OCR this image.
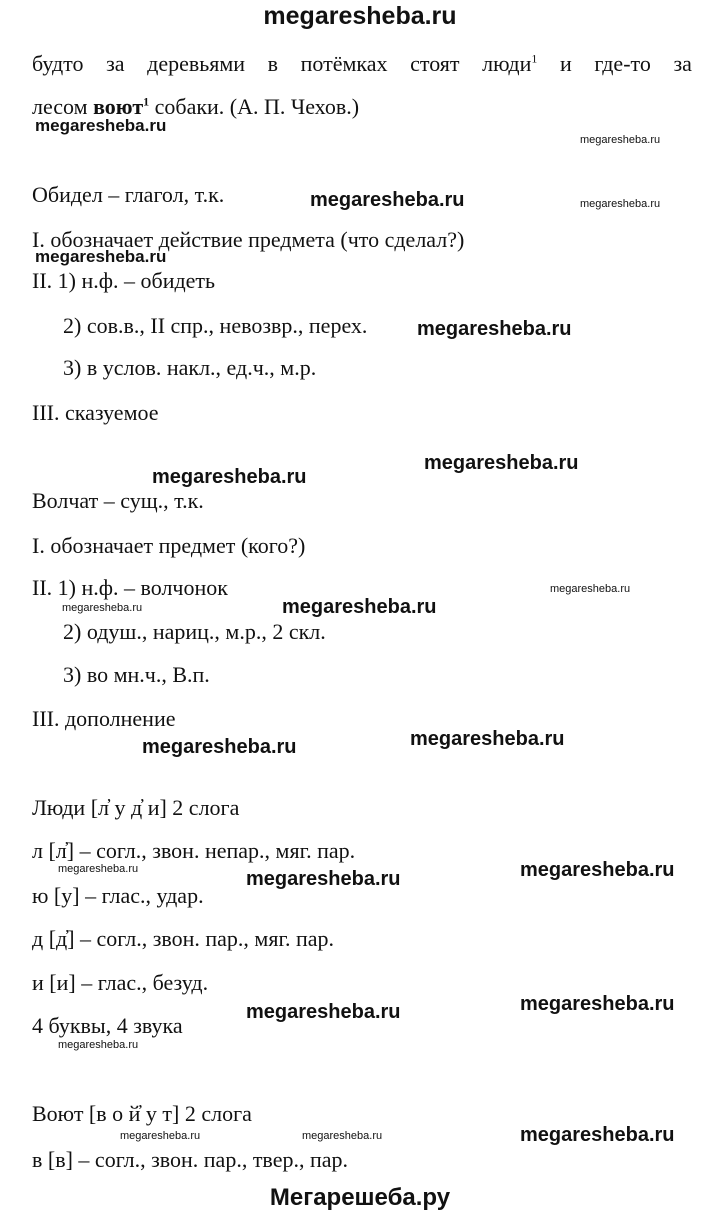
megaresheba.ru
будто за деревьями в потёмках стоят люди$^1$ и где-то за
лесом воют$^1$ собаки. (А. П. Чехов.)
Обидел – глагол, т.к.
I. обозначает действие предмета (что сделал?)
II. 1) н.ф. – обидеть
2) сов.в., II спр., невозвр., перех.
3) в услов. накл., ед.ч., м.р.
III. сказуемое
Волчат – сущ., т.к.
I. обозначает предмет (кого?)
II. 1) н.ф. – волчонок
2) одуш., нариц., м.р., 2 скл.
3) во мн.ч., В.п.
III. дополнение
Люди [л̓ у д̓ и] 2 слога
л [л̓] – согл., звон. непар., мяг. пар.
ю [у] – глас., удар.
д [д̓] – согл., звон. пар., мяг. пар.
и [и] – глас., безуд.
4 буквы, 4 звука
Воют [в о й̓ у т] 2 слога
в [в] – согл., звон. пар., твер., пар.
megaresheba.ru
megaresheba.ru
megaresheba.ru	megaresheba.ru
megaresheba.ru
megaresheba.ru
megaresheba.ru
megaresheba.ru
megaresheba.ru
megaresheba.ru	megaresheba.ru
megaresheba.ru	megaresheba.ru
megaresheba.ru	megaresheba.ru	megaresheba.ru
megaresheba.ru	megaresheba.ru
megaresheba.ru
megaresheba.ru	megaresheba.ru	megaresheba.ru
Мегарешеба.ру
